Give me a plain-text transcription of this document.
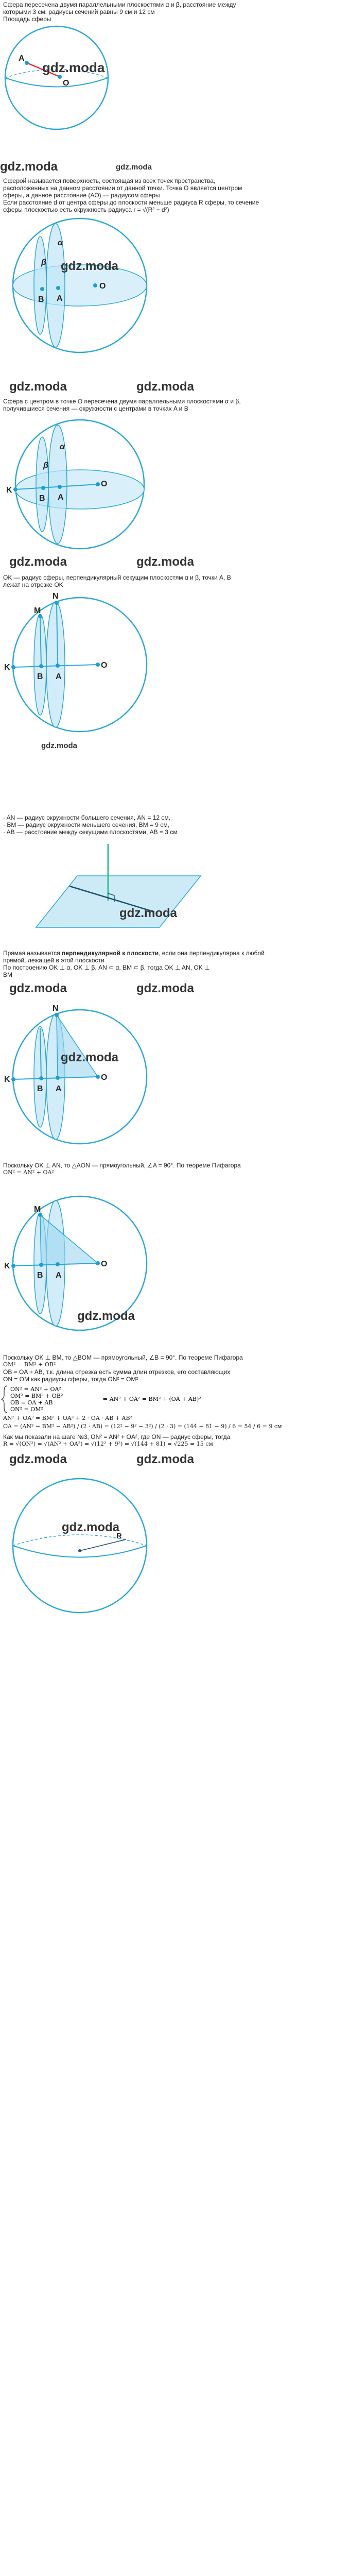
Сфера пересечена двумя параллельными плоскостями α и β, расстояние между

которыми 3 см, радиусы сечений равны 9 см и 12 см

Площадь сферы

A
O
gdz.moda
gdz.moda	gdz.moda

Сферой называется поверхность, состоящая из всех точек пространства,

расположенных на данном расстоянии от данной точки. Точка O является центром

сферы, а данное расстояние (AO) — радиусом сферы

Если расстояние d от центра сферы до плоскости меньше радиуса R сферы, то сечение

сферы плоскостью есть окружность радиуса r = √(R² − d²)

B A
O
α
β gdz.moda
gdz.moda	gdz.moda

Сфера с центром в точке O пересечена двумя параллельными плоскостями α и β,

получившиеся сечения — окружности с центрами в точках A и B

K
B A
O
α
β
gdz.moda	gdz.moda

OK — радиус сферы, перпендикулярный секущим плоскостям α и β, точки A, B

лежат на отрезке OK

K
B A
O
N
M
gdz.moda

· AN — радиус окружности большего сечения, AN = 12 см,

· BM — радиус окружности меньшего сечения, BM = 9 см,

· AB — расстояние между секущими плоскостями, AB = 3 см

gdz.moda

Прямая называется перпендикулярной к плоскости, если она перпендикулярна к любой

прямой, лежащей в этой плоскости

По построению OK ⊥ α, OK ⊥ β, AN ⊂ α, BM ⊂ β, тогда OK ⊥ AN, OK ⊥

BM

gdz.moda	gdz.moda
K
B A
O
N
gdz.moda

Поскольку OK ⊥ AN, то △AON — прямоугольный, ∠A = 90°. По теореме Пифагора

ON² = AN² + OA²

K
B A
O
M
gdz.moda

Поскольку OK ⊥ BM, то △BOM — прямоугольный, ∠B = 90°. По теореме Пифагора

OM² = BM² + OB²

OB = OA + AB, т.к. длина отрезка есть сумма длин отрезков, его составляющих

ON = OM как радиусы сферы, тогда ON² = OM²

ON² = AN² + OA²
OM² = BM² + OB²
OB = OA + AB
ON² = OM²
⇒ AN² + OA² = BM² + (OA + AB)²
AN² + OA² = BM² + OA² + 2 · OA · AB + AB²
OA = (AN² − BM² − AB²) / (2 · AB) = (12² − 9² − 3²) / (2 · 3) = (144 − 81 − 9) / 6 = 54 / 6 = 9 см

Как мы показали на шаге №3, ON² = AN² + OA², где ON — радиус сферы, тогда

R = √(ON²) = √(AN² + OA²) = √(12² + 9²) = √(144 + 81) = √225 = 15 см

gdz.moda	gdz.moda
R
gdz.moda
